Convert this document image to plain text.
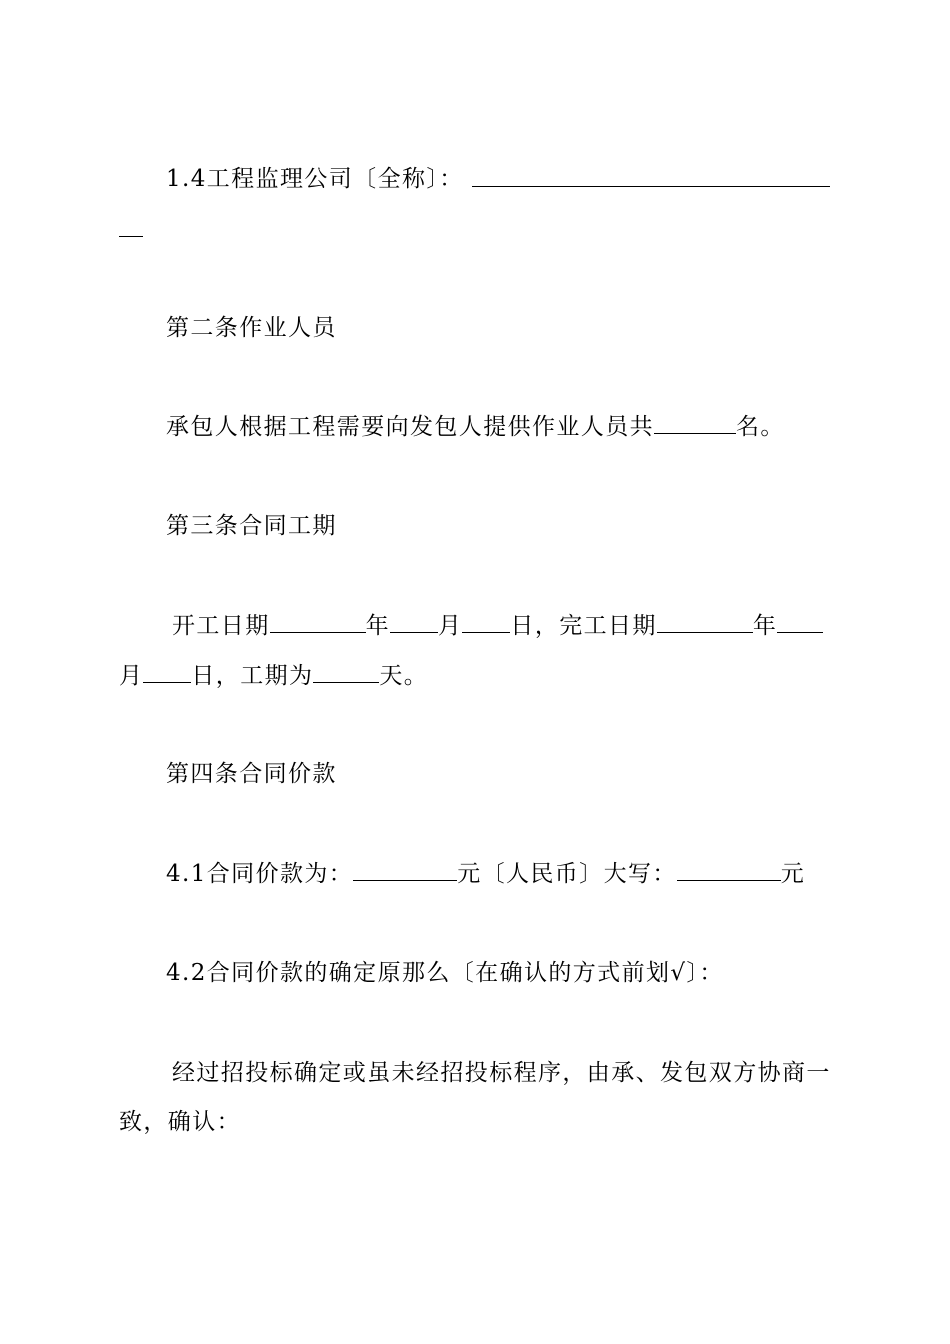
1.4工程监理公司〔全称〕：
第二条作业人员
承包人根据工程需要向发包人提供作业人员共	名。
第三条合同工期
开工日期	年 月 日，完工日期	年
月 日，工期为	天。
第四条合同价款
4.1合同价款为：	元〔人民币〕大写：	元
4.2合同价款的确定原那么〔在确认的方式前划√〕：
经过招投标确定或虽未经招投标程序，由承、发包双方协商一
致，确认：
